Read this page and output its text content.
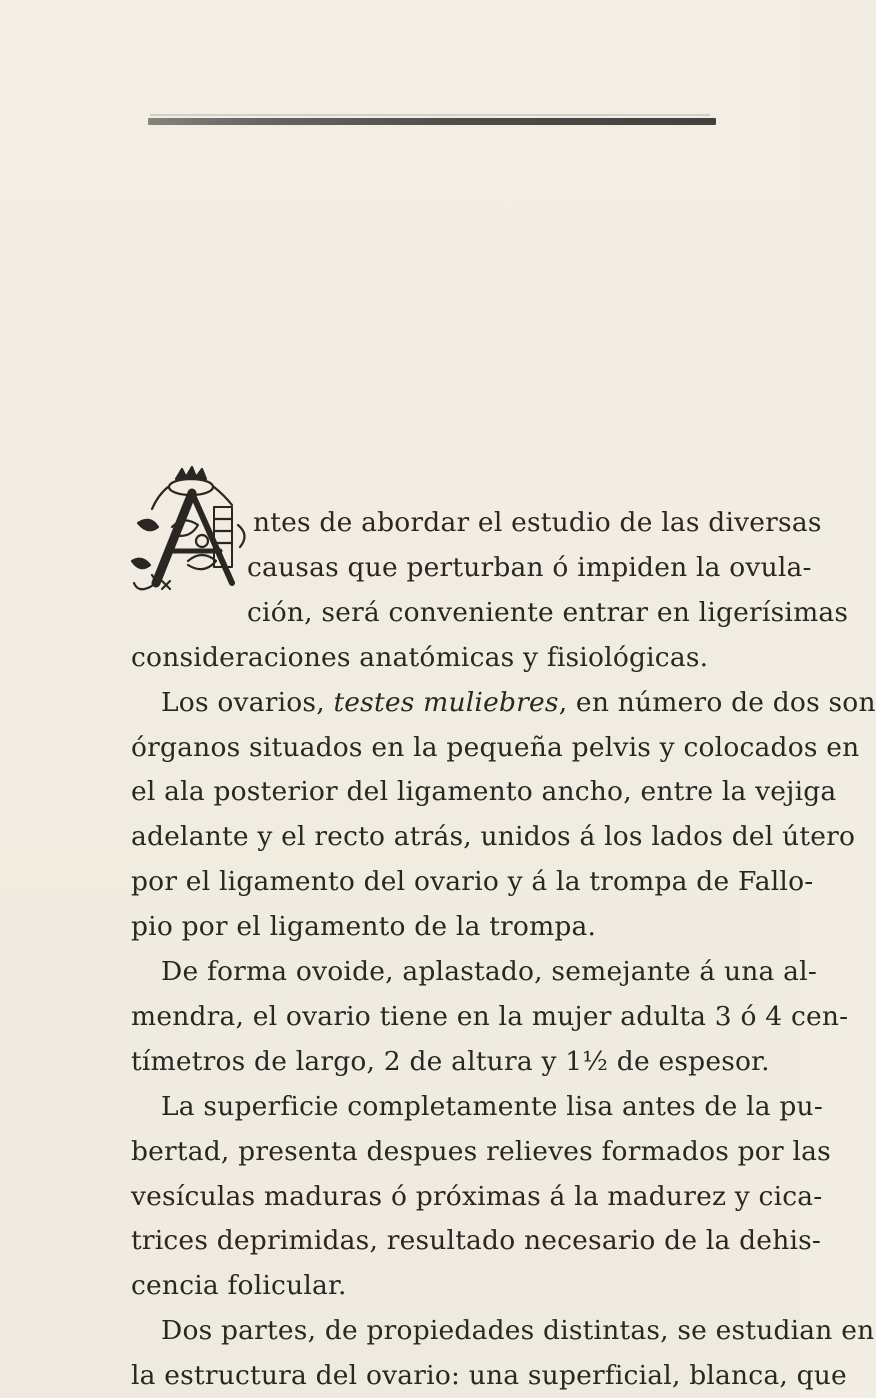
ntes de abordar el estudio de las diversas
causas que perturban ó impiden la ovula-
ción, será conveniente entrar en ligerísimas
consideraciones anatómicas y fisiológicas.
Los ovarios, testes muliebres, en número de dos son
órganos situados en la pequeña pelvis y colocados en
el ala posterior del ligamento ancho, entre la vejiga
adelante y el recto atrás, unidos á los lados del útero
por el ligamento del ovario y á la trompa de Fallo-
pio por el ligamento de la trompa.
De forma ovoide, aplastado, semejante á una al-
mendra, el ovario tiene en la mujer adulta 3 ó 4 cen-
tímetros de largo, 2 de altura y 1½ de espesor.
La superficie completamente lisa antes de la pu-
bertad, presenta despues relieves formados por las
vesículas maduras ó próximas á la madurez y cica-
trices deprimidas, resultado necesario de la dehis-
cencia folicular.
Dos partes, de propiedades distintas, se estudian en
la estructura del ovario: una superficial, blanca, que
